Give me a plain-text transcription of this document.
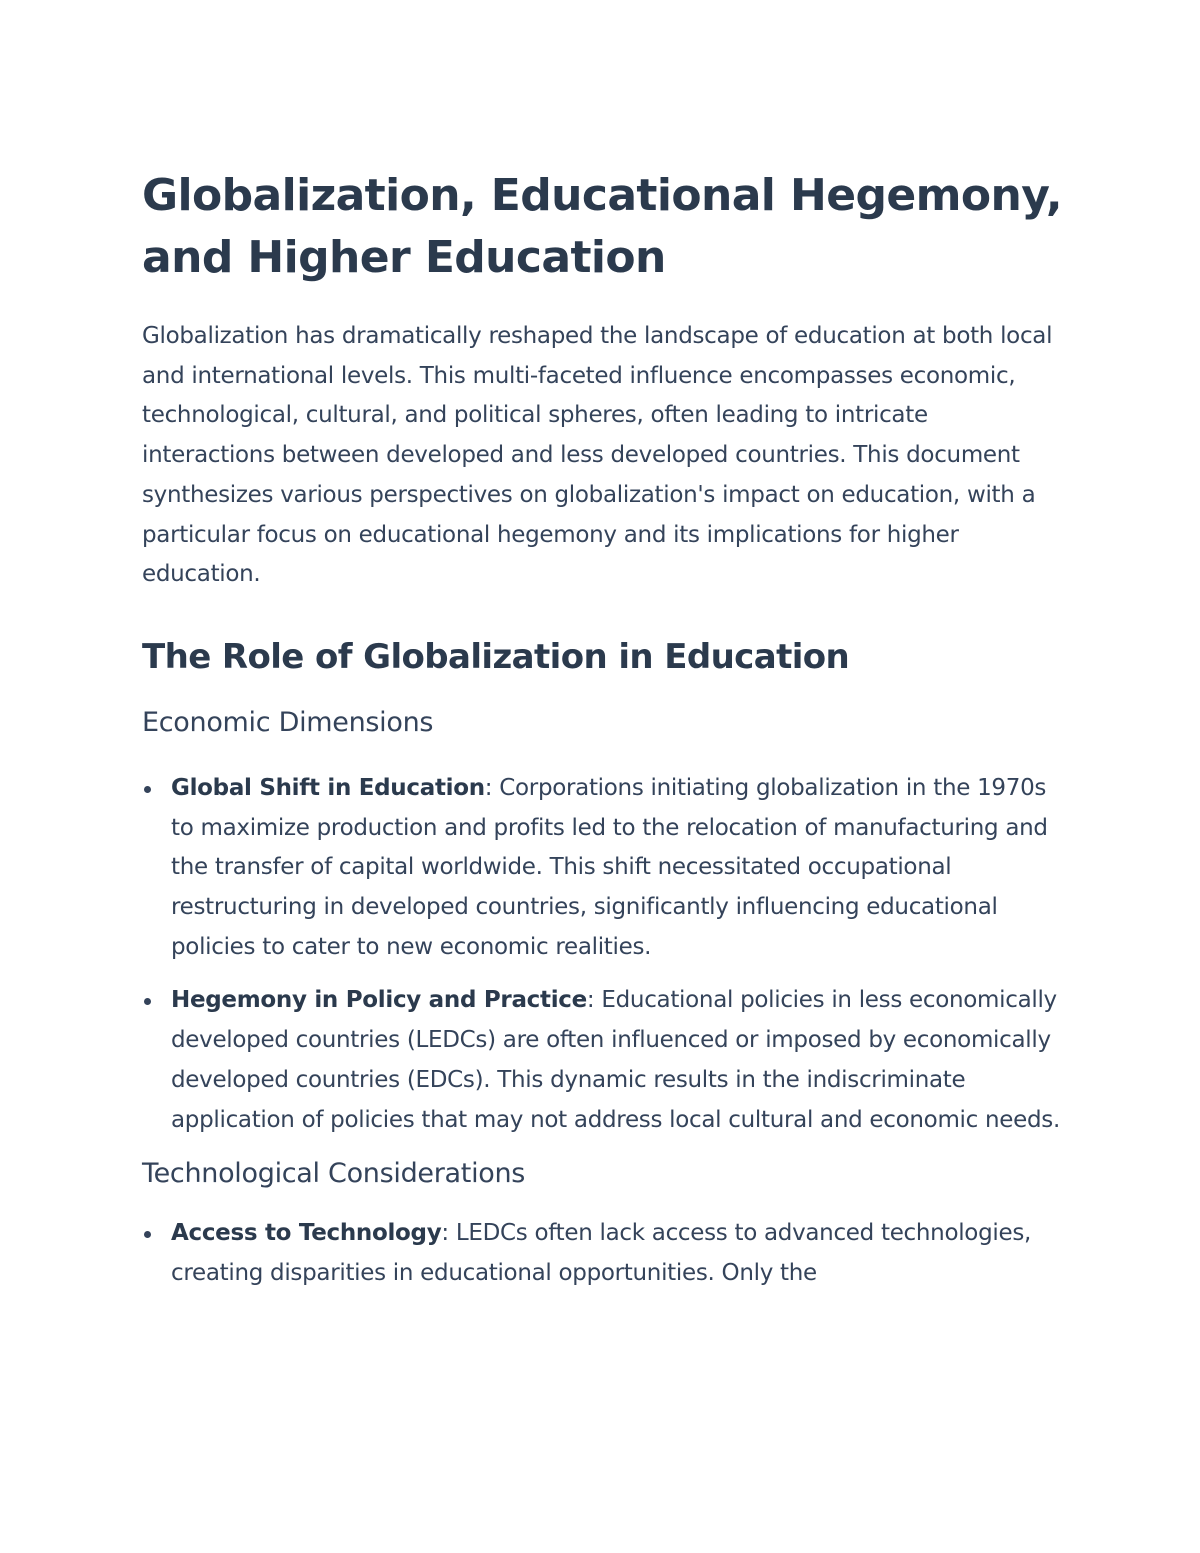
Globalization, Educational Hegemony, and Higher Education

Globalization has dramatically reshaped the landscape of education at both local and international levels. This multi-faceted influence encompasses economic, technological, cultural, and political spheres, often leading to intricate interactions between developed and less developed countries. This document synthesizes various perspectives on globalization's impact on education, with a particular focus on educational hegemony and its implications for higher education.

The Role of Globalization in Education
Economic Dimensions
Global Shift in Education: Corporations initiating globalization in the 1970s to maximize production and profits led to the relocation of manufacturing and the transfer of capital worldwide. This shift necessitated occupational restructuring in developed countries, significantly influencing educational policies to cater to new economic realities.
Hegemony in Policy and Practice: Educational policies in less economically developed countries (LEDCs) are often influenced or imposed by economically developed countries (EDCs). This dynamic results in the indiscriminate application of policies that may not address local cultural and economic needs.
Technological Considerations
Access to Technology: LEDCs often lack access to advanced technologies, creating disparities in educational opportunities. Only the
